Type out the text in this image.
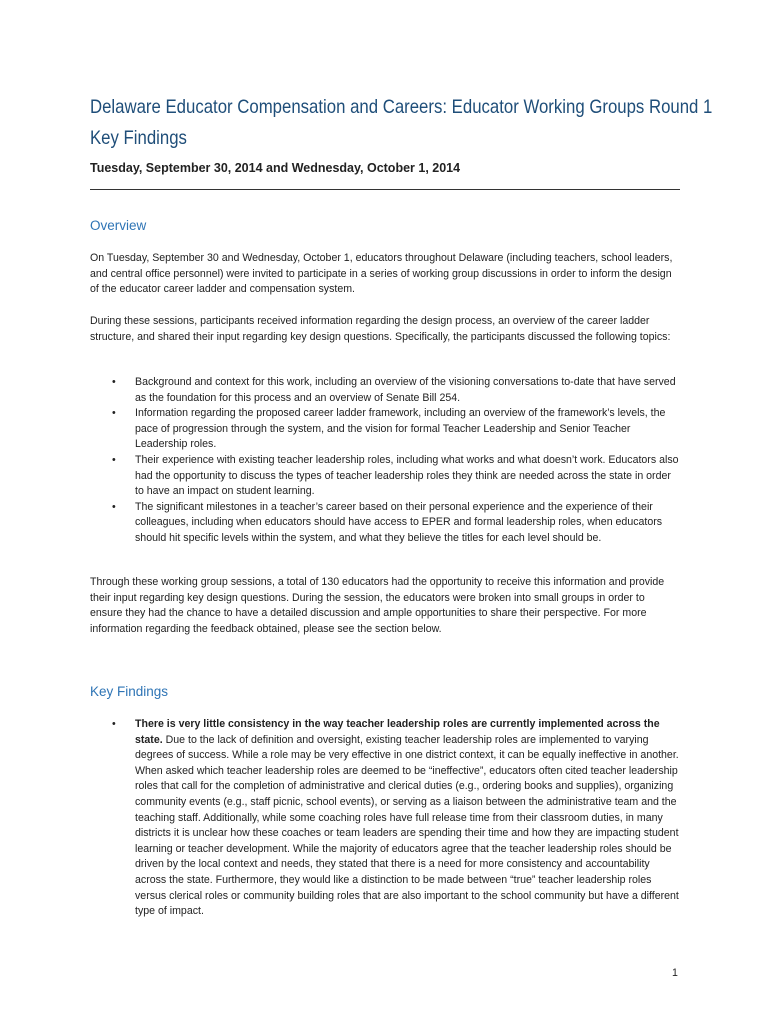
Delaware Educator Compensation and Careers: Educator Working Groups Round 1
Key Findings
Tuesday, September 30, 2014 and Wednesday, October 1, 2014
Overview
On Tuesday, September 30 and Wednesday, October 1, educators throughout Delaware (including teachers, school leaders, and central office personnel) were invited to participate in a series of working group discussions in order to inform the design of the educator career ladder and compensation system.
During these sessions, participants received information regarding the design process, an overview of the career ladder structure, and shared their input regarding key design questions. Specifically, the participants discussed the following topics:
• Background and context for this work, including an overview of the visioning conversations to-date that have served as the foundation for this process and an overview of Senate Bill 254.
• Information regarding the proposed career ladder framework, including an overview of the framework’s levels, the pace of progression through the system, and the vision for formal Teacher Leadership and Senior Teacher Leadership roles.
• Their experience with existing teacher leadership roles, including what works and what doesn’t work. Educators also had the opportunity to discuss the types of teacher leadership roles they think are needed across the state in order to have an impact on student learning.
• The significant milestones in a teacher’s career based on their personal experience and the experience of their colleagues, including when educators should have access to EPER and formal leadership roles, when educators should hit specific levels within the system, and what they believe the titles for each level should be.
Through these working group sessions, a total of 130 educators had the opportunity to receive this information and provide their input regarding key design questions. During the session, the educators were broken into small groups in order to ensure they had the chance to have a detailed discussion and ample opportunities to share their perspective. For more information regarding the feedback obtained, please see the section below.
Key Findings
• There is very little consistency in the way teacher leadership roles are currently implemented across the state. Due to the lack of definition and oversight, existing teacher leadership roles are implemented to varying degrees of success. While a role may be very effective in one district context, it can be equally ineffective in another. When asked which teacher leadership roles are deemed to be “ineffective”, educators often cited teacher leadership roles that call for the completion of administrative and clerical duties (e.g., ordering books and supplies), organizing community events (e.g., staff picnic, school events), or serving as a liaison between the administrative team and the teaching staff. Additionally, while some coaching roles have full release time from their classroom duties, in many districts it is unclear how these coaches or team leaders are spending their time and how they are impacting student learning or teacher development. While the majority of educators agree that the teacher leadership roles should be driven by the local context and needs, they stated that there is a need for more consistency and accountability across the state. Furthermore, they would like a distinction to be made between “true” teacher leadership roles versus clerical roles or community building roles that are also important to the school community but have a different type of impact.
1
